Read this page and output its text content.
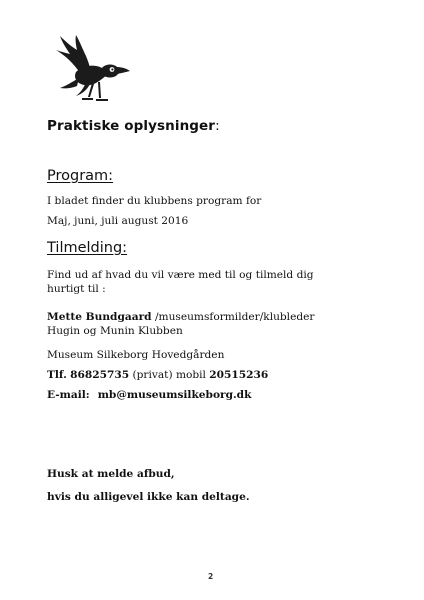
Praktiske oplysninger:
Program:
I bladet finder du klubbens program for
Maj, juni, juli august 2016
Tilmelding:
Find ud af hvad du vil være med til og tilmeld dig hurtigt til :
Mette Bundgaard /museumsformilder/klubleder Hugin og Munin Klubben
Museum Silkeborg Hovedgården
Tlf. 86825735 (privat) mobil 20515236
E-mail: mb@museumsilkeborg.dk
Husk at melde afbud,
hvis du alligevel ikke kan deltage.
2
